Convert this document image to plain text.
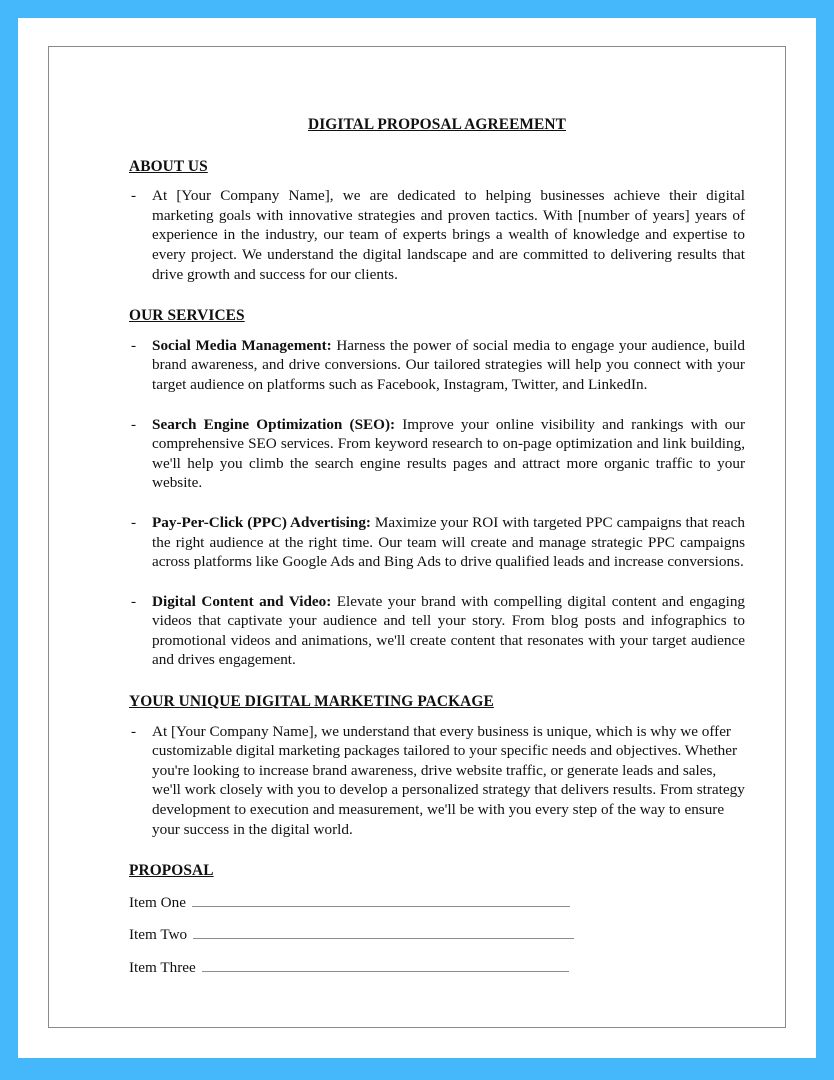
DIGITAL PROPOSAL AGREEMENT
ABOUT US
- At [Your Company Name], we are dedicated to helping businesses achieve their digital marketing goals with innovative strategies and proven tactics. With [number of years] years of experience in the industry, our team of experts brings a wealth of knowledge and expertise to every project. We understand the digital landscape and are committed to delivering results that drive growth and success for our clients.
OUR SERVICES
- Social Media Management: Harness the power of social media to engage your audience, build brand awareness, and drive conversions. Our tailored strategies will help you connect with your target audience on platforms such as Facebook, Instagram, Twitter, and LinkedIn.
- Search Engine Optimization (SEO): Improve your online visibility and rankings with our comprehensive SEO services. From keyword research to on-page optimization and link building, we'll help you climb the search engine results pages and attract more organic traffic to your website.
- Pay-Per-Click (PPC) Advertising: Maximize your ROI with targeted PPC campaigns that reach the right audience at the right time. Our team will create and manage strategic PPC campaigns across platforms like Google Ads and Bing Ads to drive qualified leads and increase conversions.
- Digital Content and Video: Elevate your brand with compelling digital content and engaging videos that captivate your audience and tell your story. From blog posts and infographics to promotional videos and animations, we'll create content that resonates with your target audience and drives engagement.
YOUR UNIQUE DIGITAL MARKETING PACKAGE
- At [Your Company Name], we understand that every business is unique, which is why we offer customizable digital marketing packages tailored to your specific needs and objectives. Whether you're looking to increase brand awareness, drive website traffic, or generate leads and sales, we'll work closely with you to develop a personalized strategy that delivers results. From strategy development to execution and measurement, we'll be with you every step of the way to ensure your success in the digital world.
PROPOSAL
Item One
Item Two
Item Three
